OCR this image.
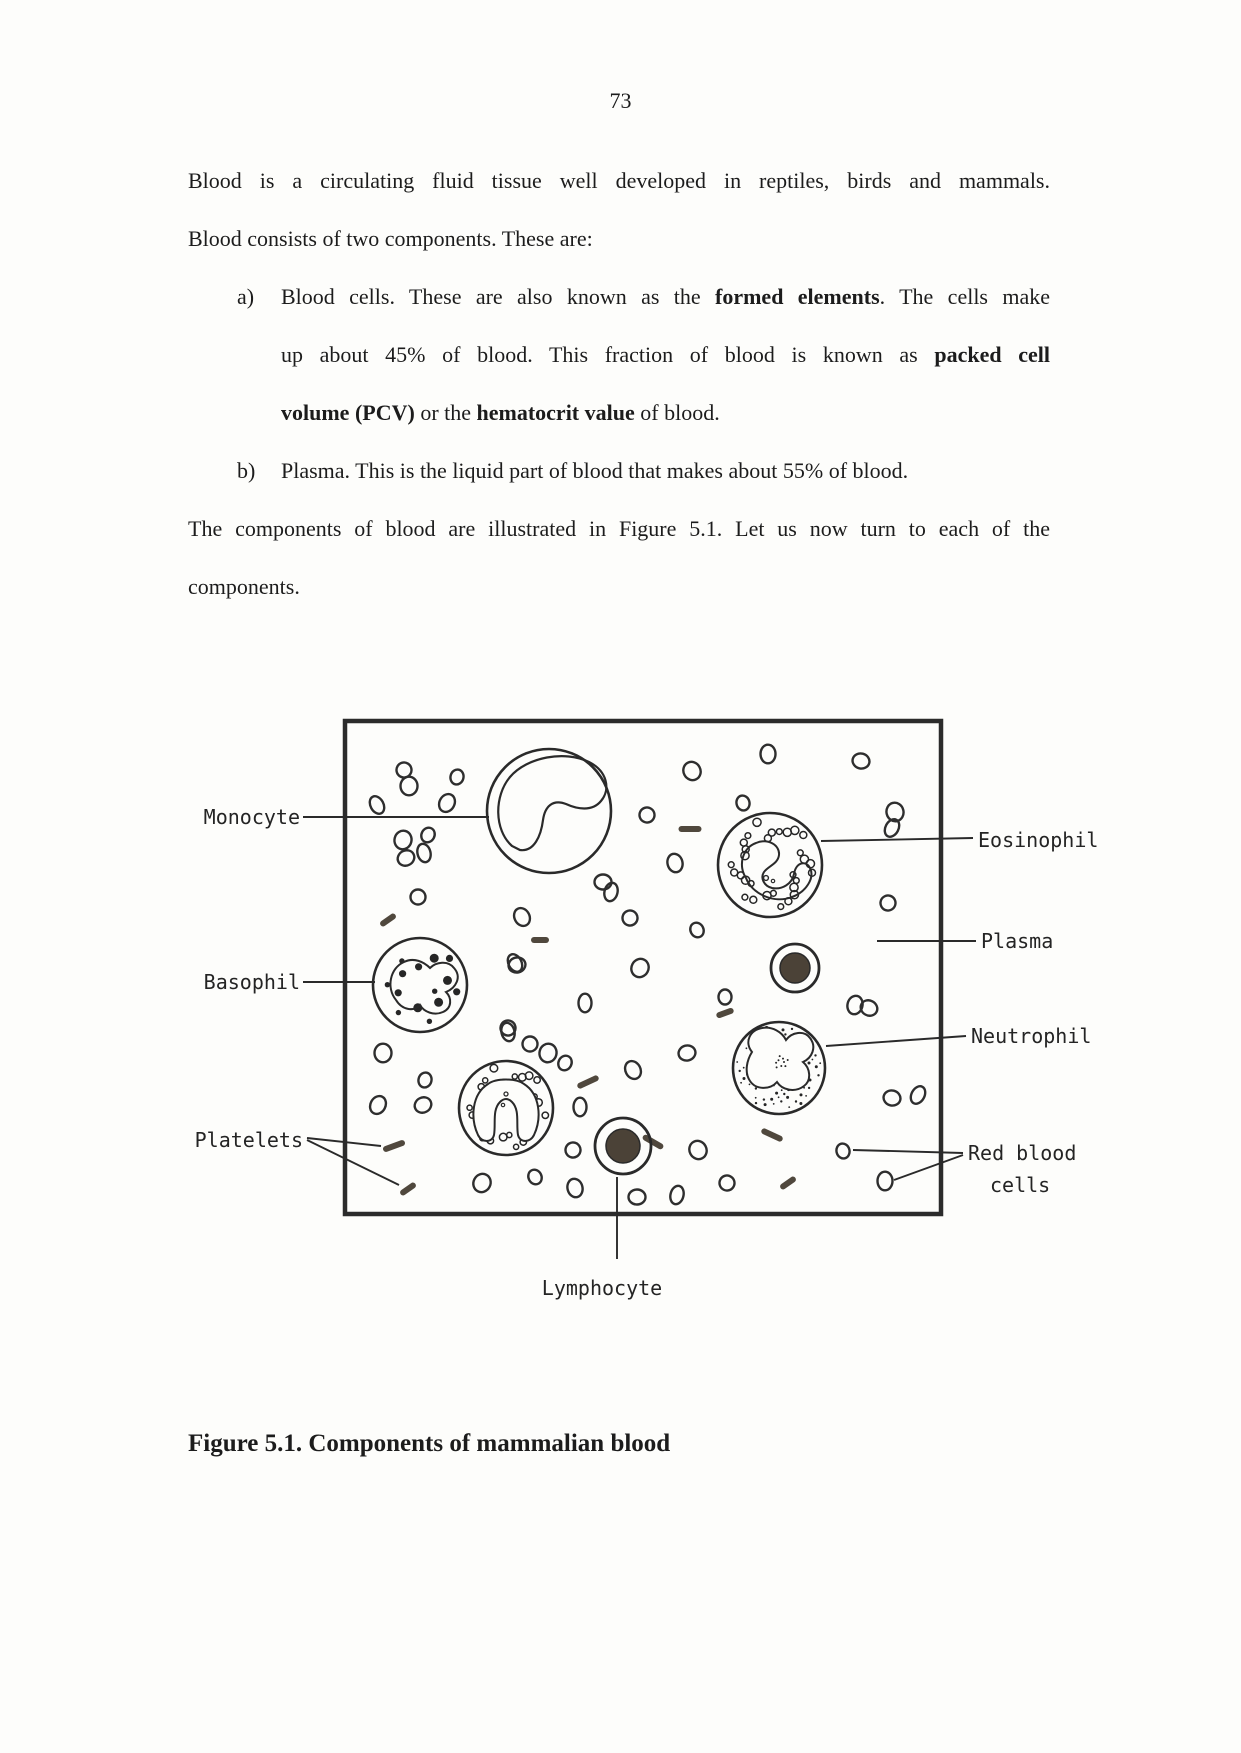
73
Blood is a circulating fluid tissue well developed in reptiles, birds and mammals.
Blood consists of two components. These are:
a) Blood cells. These are also known as the formed elements. The cells make
up about 45% of blood. This fraction of blood is known as packed cell
volume (PCV) or the hematocrit value of blood.
b) Plasma. This is the liquid part of blood that makes about 55% of blood.
The components of blood are illustrated in Figure 5.1. Let us now turn to each of the
components.
Monocyte
Basophil
Platelets
Lymphocyte
Eosinophil
Plasma
Neutrophil
Red blood
cells
Figure 5.1. Components of mammalian blood
